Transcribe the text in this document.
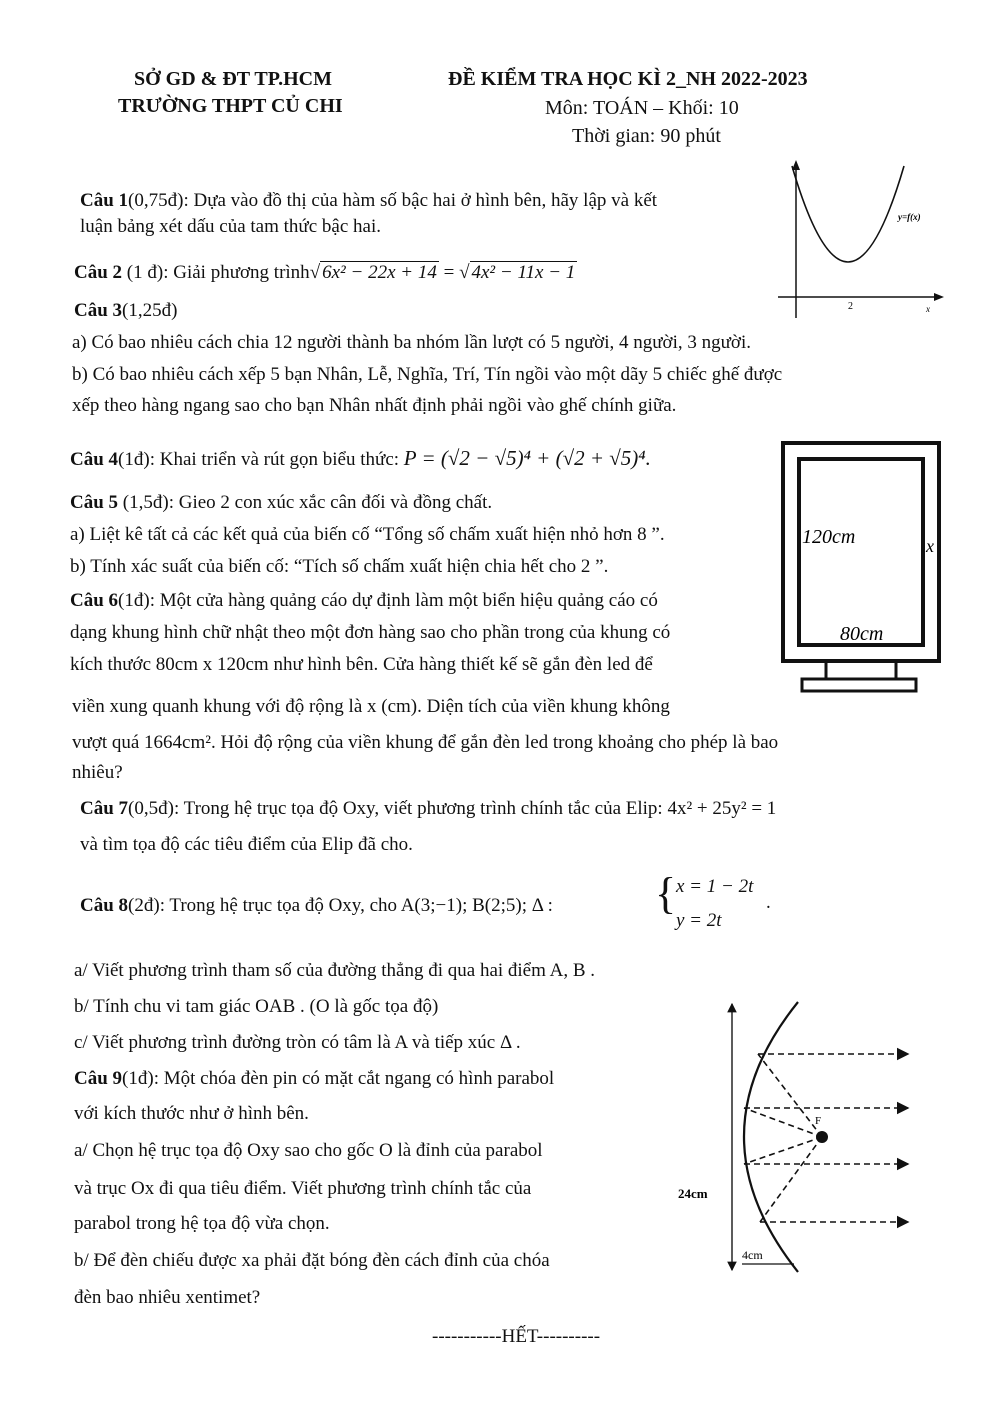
SỞ GD & ĐT TP.HCM
TRƯỜNG THPT CỦ CHI
ĐỀ KIỂM TRA HỌC KÌ 2_NH 2022-2023
Môn: TOÁN – Khối: 10
Thời gian: 90 phút
Câu 1(0,75đ): Dựa vào đồ thị của hàm số bậc hai ở hình bên, hãy lập và kết
luận bảng xét dấu của tam thức bậc hai.
2
y=f(x)
x
Câu 2 (1 đ): Giải phương trình√ 6x² − 22x + 14 = √ 4x² − 11x − 1
Câu 3(1,25đ)
a) Có bao nhiêu cách chia 12 người thành ba nhóm lần lượt có 5 người, 4 người, 3 người.
b) Có bao nhiêu cách xếp 5 bạn Nhân, Lễ, Nghĩa, Trí, Tín ngồi vào một dãy 5 chiếc ghế được
xếp theo hàng ngang sao cho bạn Nhân nhất định phải ngồi vào ghế chính giữa.
Câu 4(1đ): Khai triển và rút gọn biểu thức: P = (√2 − √5)⁴ + (√2 + √5)⁴.
Câu 5 (1,5đ): Gieo 2 con xúc xắc cân đối và đồng chất.
a) Liệt kê tất cả các kết quả của biến cố “Tổng số chấm xuất hiện nhỏ hơn 8 ”.
b) Tính xác suất của biến cố: “Tích số chấm xuất hiện chia hết cho 2 ”.
Câu 6(1đ): Một cửa hàng quảng cáo dự định làm một biển hiệu quảng cáo có
dạng khung hình chữ nhật theo một đơn hàng sao cho phần trong của khung có
kích thước 80cm x 120cm như hình bên. Cửa hàng thiết kế sẽ gắn đèn led để
viền xung quanh khung với độ rộng là x (cm). Diện tích của viền khung không
vượt quá 1664cm². Hỏi độ rộng của viền khung để gắn đèn led trong khoảng cho phép là bao
nhiêu?
120cm
80cm
x
Câu 7(0,5đ): Trong hệ trục tọa độ Oxy, viết phương trình chính tắc của Elip: 4x² + 25y² = 1
và tìm tọa độ các tiêu điểm của Elip đã cho.
Câu 8(2đ): Trong hệ trục tọa độ Oxy, cho A(3;−1); B(2;5); Δ : { x = 1 − 2t
y = 2t
.
a/ Viết phương trình tham số của đường thẳng đi qua hai điểm A, B .
b/ Tính chu vi tam giác OAB . (O là gốc tọa độ)
c/ Viết phương trình đường tròn có tâm là A và tiếp xúc Δ .
Câu 9(1đ): Một chóa đèn pin có mặt cắt ngang có hình parabol
với kích thước như ở hình bên.
a/ Chọn hệ trục tọa độ Oxy sao cho gốc O là đỉnh của parabol
và trục Ox đi qua tiêu điểm. Viết phương trình chính tắc của
parabol trong hệ tọa độ vừa chọn.
b/ Để đèn chiếu được xa phải đặt bóng đèn cách đỉnh của chóa
đèn bao nhiêu xentimet?
4cm
24cm
F
-----------HẾT----------
